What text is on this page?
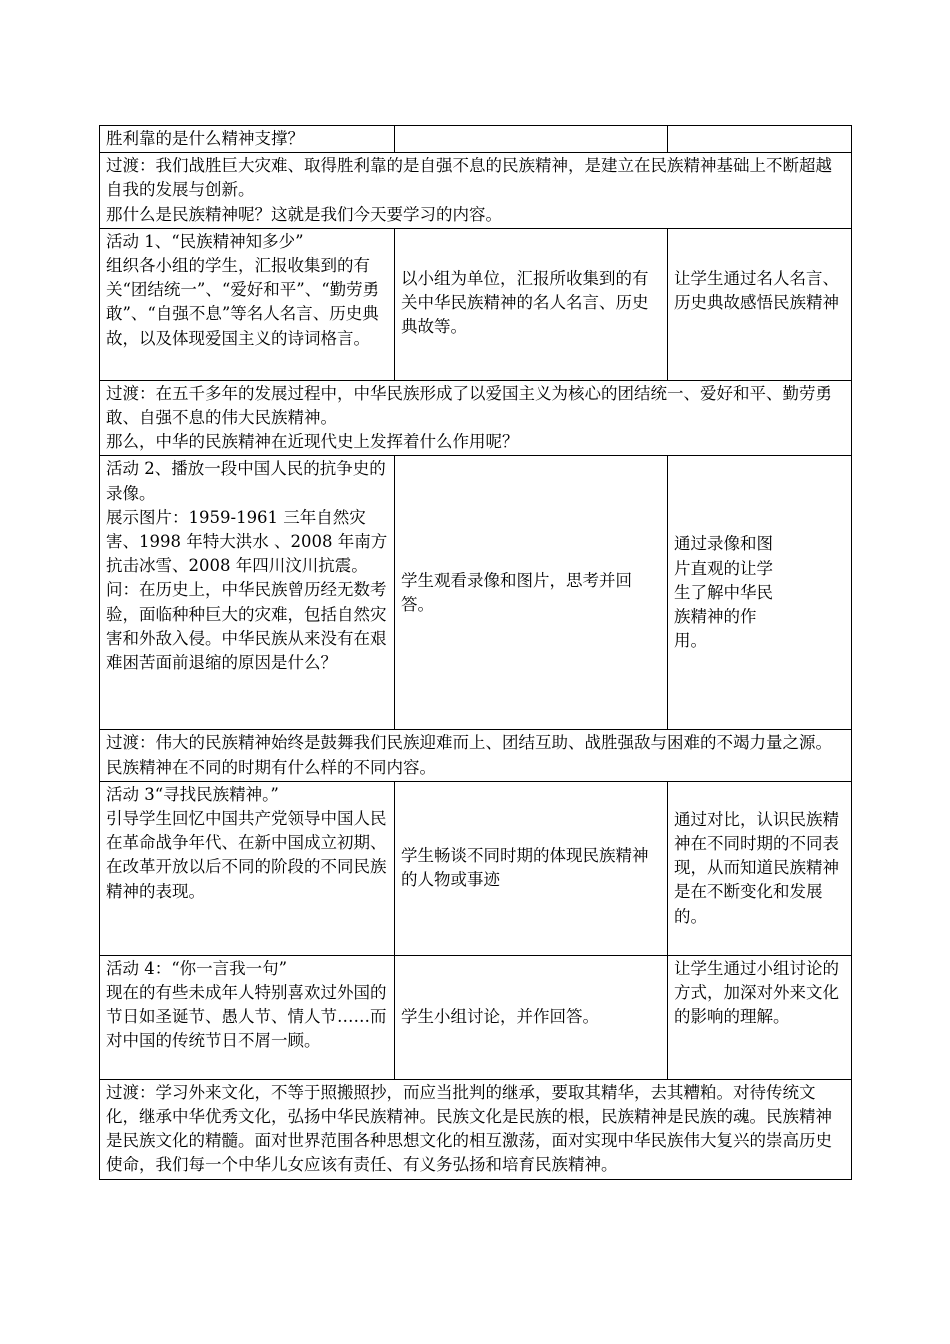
胜利靠的是什么精神支撑？		

过渡：我们战胜巨大灾难、取得胜利靠的是自强不息的民族精神，是建立在民族精神基础上不断超越自我的发展与创新。
那什么是民族精神呢？这就是我们今天要学习的内容。		

活动 1、“民族精神知多少”
组织各小组的学生，汇报收集到的有关“团结统一”、“爱好和平”、“勤劳勇敢”、“自强不息”等名人名言、历史典故，以及体现爱国主义的诗词格言。	以小组为单位，汇报所收集到的有关中华民族精神的名人名言、历史典故等。	让学生通过名人名言、历史典故感悟民族精神

过渡：在五千多年的发展过程中，中华民族形成了以爱国主义为核心的团结统一、爱好和平、勤劳勇敢、自强不息的伟大民族精神。
那么，中华的民族精神在近现代史上发挥着什么作用呢？		

活动 2、播放一段中国人民的抗争史的录像。
展示图片：1959-1961 三年自然灾害、1998 年特大洪水 、2008 年南方抗击冰雪、2008 年四川汶川抗震。
问：在历史上，中华民族曾历经无数考验，面临种种巨大的灾难，包括自然灾害和外敌入侵。中华民族从来没有在艰难困苦面前退缩的原因是什么？	学生观看录像和图片，思考并回答。	通过录像和图片直观的让学生了解中华民族精神的作用。

过渡：伟大的民族精神始终是鼓舞我们民族迎难而上、团结互助、战胜强敌与困难的不竭力量之源。民族精神在不同的时期有什么样的不同内容。		

活动 3“寻找民族精神。”
引导学生回忆中国共产党领导中国人民在革命战争年代、在新中国成立初期、在改革开放以后不同的阶段的不同民族精神的表现。	学生畅谈不同时期的体现民族精神的人物或事迹	通过对比，认识民族精神在不同时期的不同表现，从而知道民族精神是在不断变化和发展的。

活动 4：“你一言我一句”
现在的有些未成年人特别喜欢过外国的节日如圣诞节、愚人节、情人节……而对中国的传统节日不屑一顾。	学生小组讨论，并作回答。	让学生通过小组讨论的方式，加深对外来文化的影响的理解。

过渡：学习外来文化，不等于照搬照抄，而应当批判的继承，要取其精华，去其糟粕。对待传统文化，继承中华优秀文化，弘扬中华民族精神。民族文化是民族的根，民族精神是民族的魂。民族精神是民族文化的精髓。面对世界范围各种思想文化的相互激荡，面对实现中华民族伟大复兴的崇高历史使命，我们每一个中华儿女应该有责任、有义务弘扬和培育民族精神。		
